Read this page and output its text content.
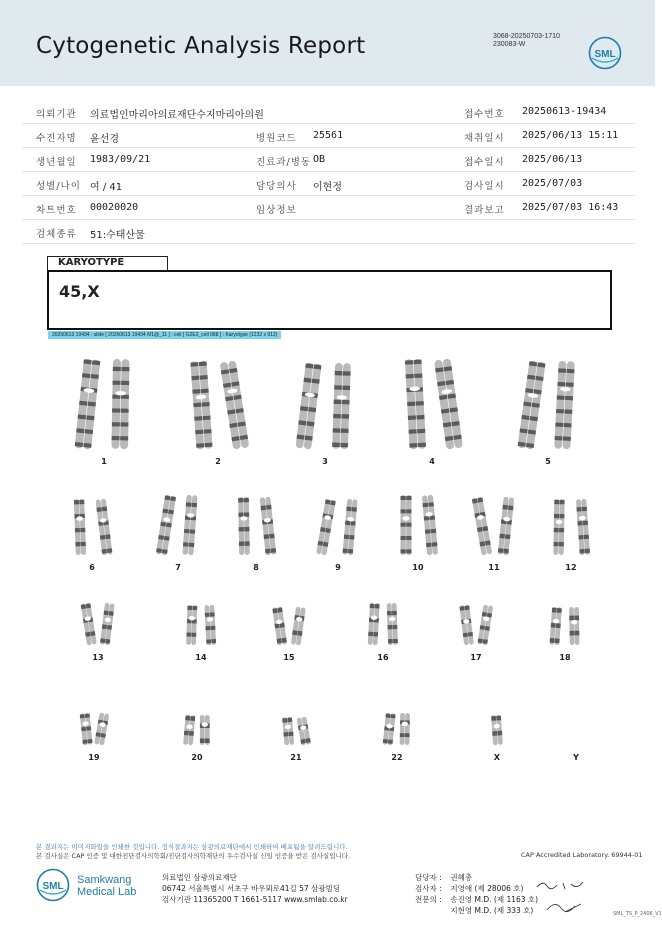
Cytogenetic Analysis Report	3068-20250703-1710
230083-W
SML
의뢰기관 의료법인마리아의료재단수지마리아의원	접수번호 20250613-19434
수진자명 윤선경	병원코드 25561	채취일시 2025/06/13 15:11
생년월일 1983/09/21	진료과/병동 OB	접수일시 2025/06/13
성별/나이 여 / 41	담당의사 이현정	검사일시 2025/07/03
차트번호 00020020	임상정보	결과보고 2025/07/03 16:43
검체종류 51:수태산물
KARYOTYPE
45,X
20250613 19434 : slide [ 20250613 19434 M1@_11 ] : cell [ G2E2_cell 088 ] : Karyotype (1232 x 912)
1	2	3	4	5
6	7	8	9	10	11	12
13	14	15	16	17	18
19	20	21	22	X	Y
본 결과지는 이미지화일을 인쇄한 것입니다. 정식결과지는 삼광의료재단에서 인쇄하여 배포됨을 알려드립니다.
본 검사실은 CAP 인증 및 대한진단검사의학회/진단검사의학재단의 우수검사실 신임 인증을 받은 검사실입니다.	CAP Accredited Laboratory. 69944-01
SML
Samkwang
Medical Lab
의료법인 삼광의료재단
06742 서울특별시 서초구 바우뫼로41길 57 삼광빌딩
검사기관 11365200 T 1661-5117 www.smlab.co.kr
담당자 : 권혜총
검사자 : 지영애 (제 28006 호)
전문의 : 송진영 M.D. (제 1163 호)
지현영 M.D. (제 333 호)	SML_TS_P_2406_V1
